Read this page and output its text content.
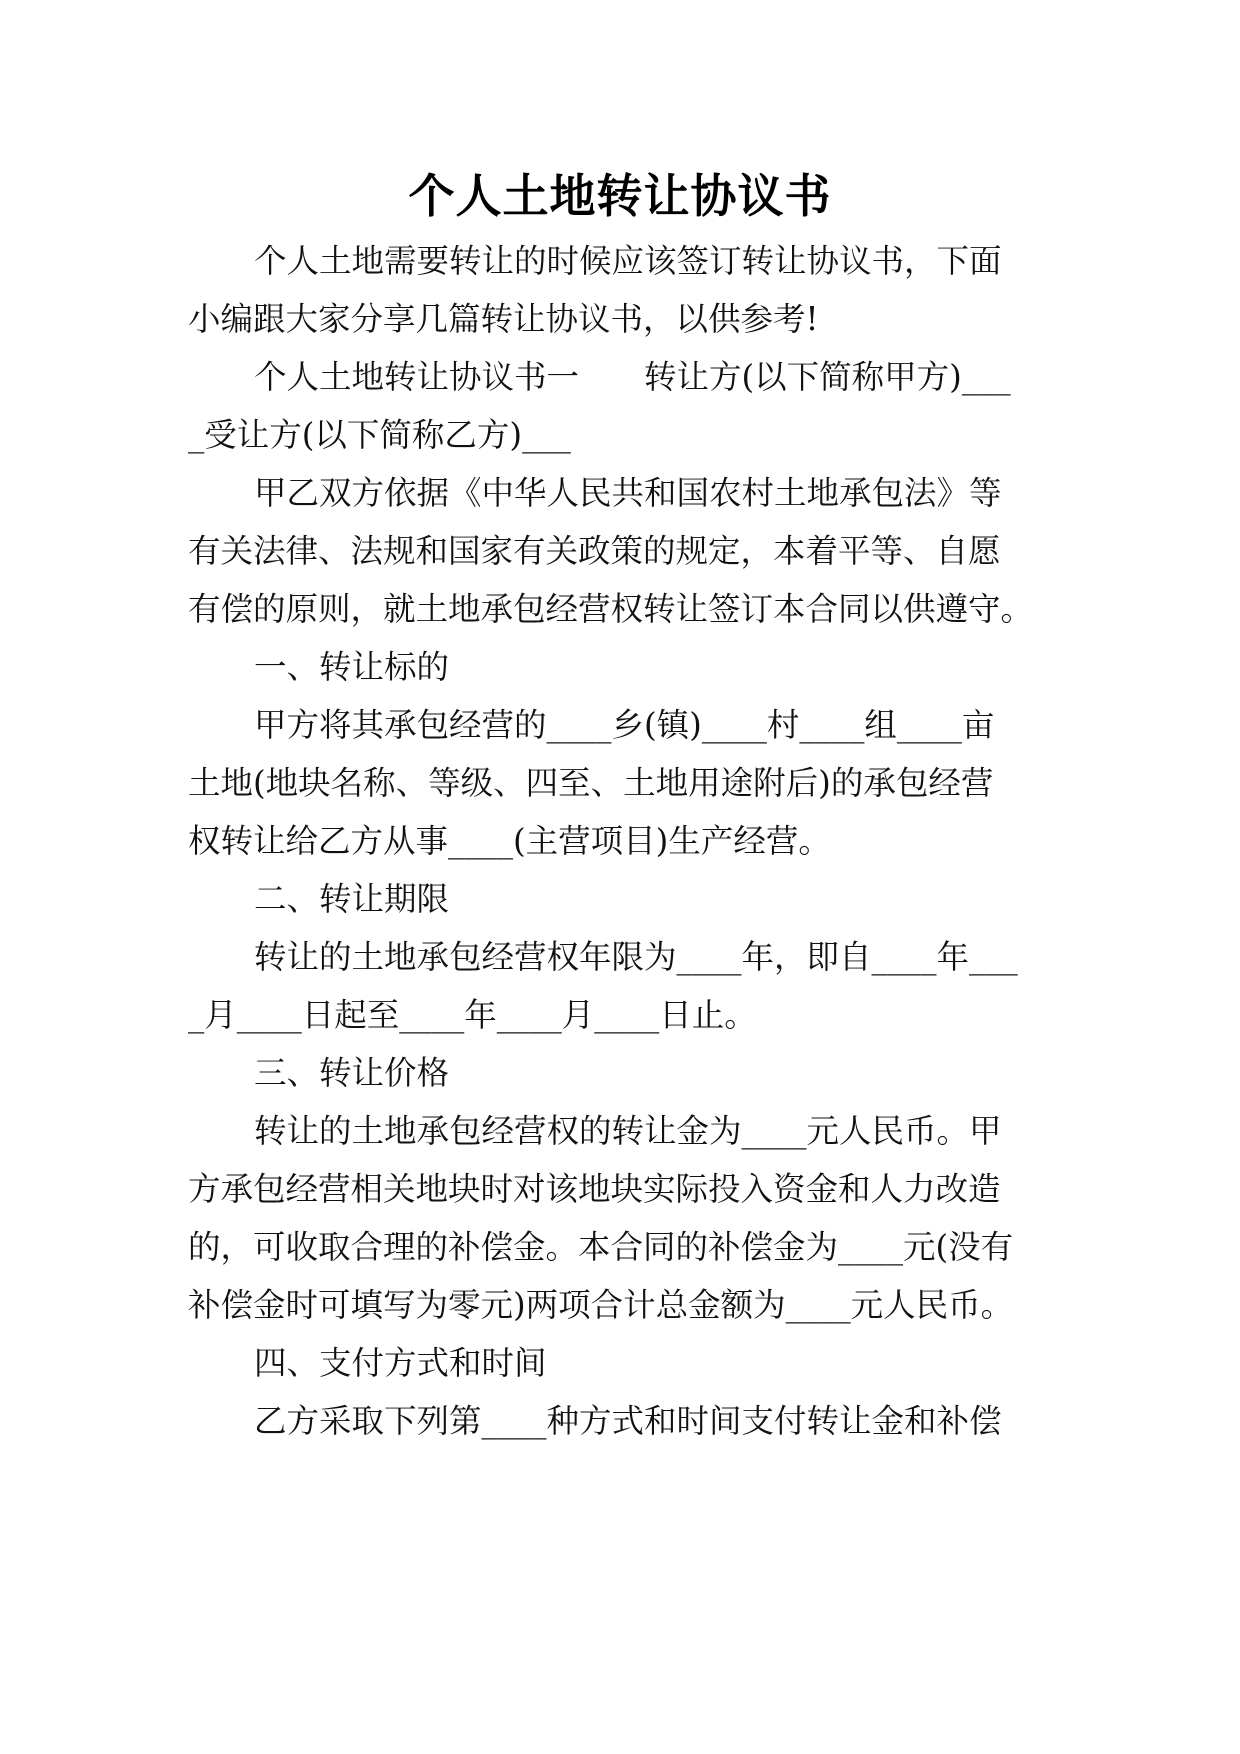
个人土地转让协议书
个人土地需要转让的时候应该签订转让协议书，下面
小编跟大家分享几篇转让协议书，以供参考!
个人土地转让协议书一　　转让方(以下简称甲方)___
_受让方(以下简称乙方)___
甲乙双方依据《中华人民共和国农村土地承包法》等
有关法律、法规和国家有关政策的规定，本着平等、自愿
有偿的原则，就土地承包经营权转让签订本合同以供遵守。
一、转让标的
甲方将其承包经营的____乡(镇)____村____组____亩
土地(地块名称、等级、四至、土地用途附后)的承包经营
权转让给乙方从事____(主营项目)生产经营。
二、转让期限
转让的土地承包经营权年限为____年，即自____年___
_月____日起至____年____月____日止。
三、转让价格
转让的土地承包经营权的转让金为____元人民币。甲
方承包经营相关地块时对该地块实际投入资金和人力改造
的，可收取合理的补偿金。本合同的补偿金为____元(没有
补偿金时可填写为零元)两项合计总金额为____元人民币。
四、支付方式和时间
乙方采取下列第____种方式和时间支付转让金和补偿
